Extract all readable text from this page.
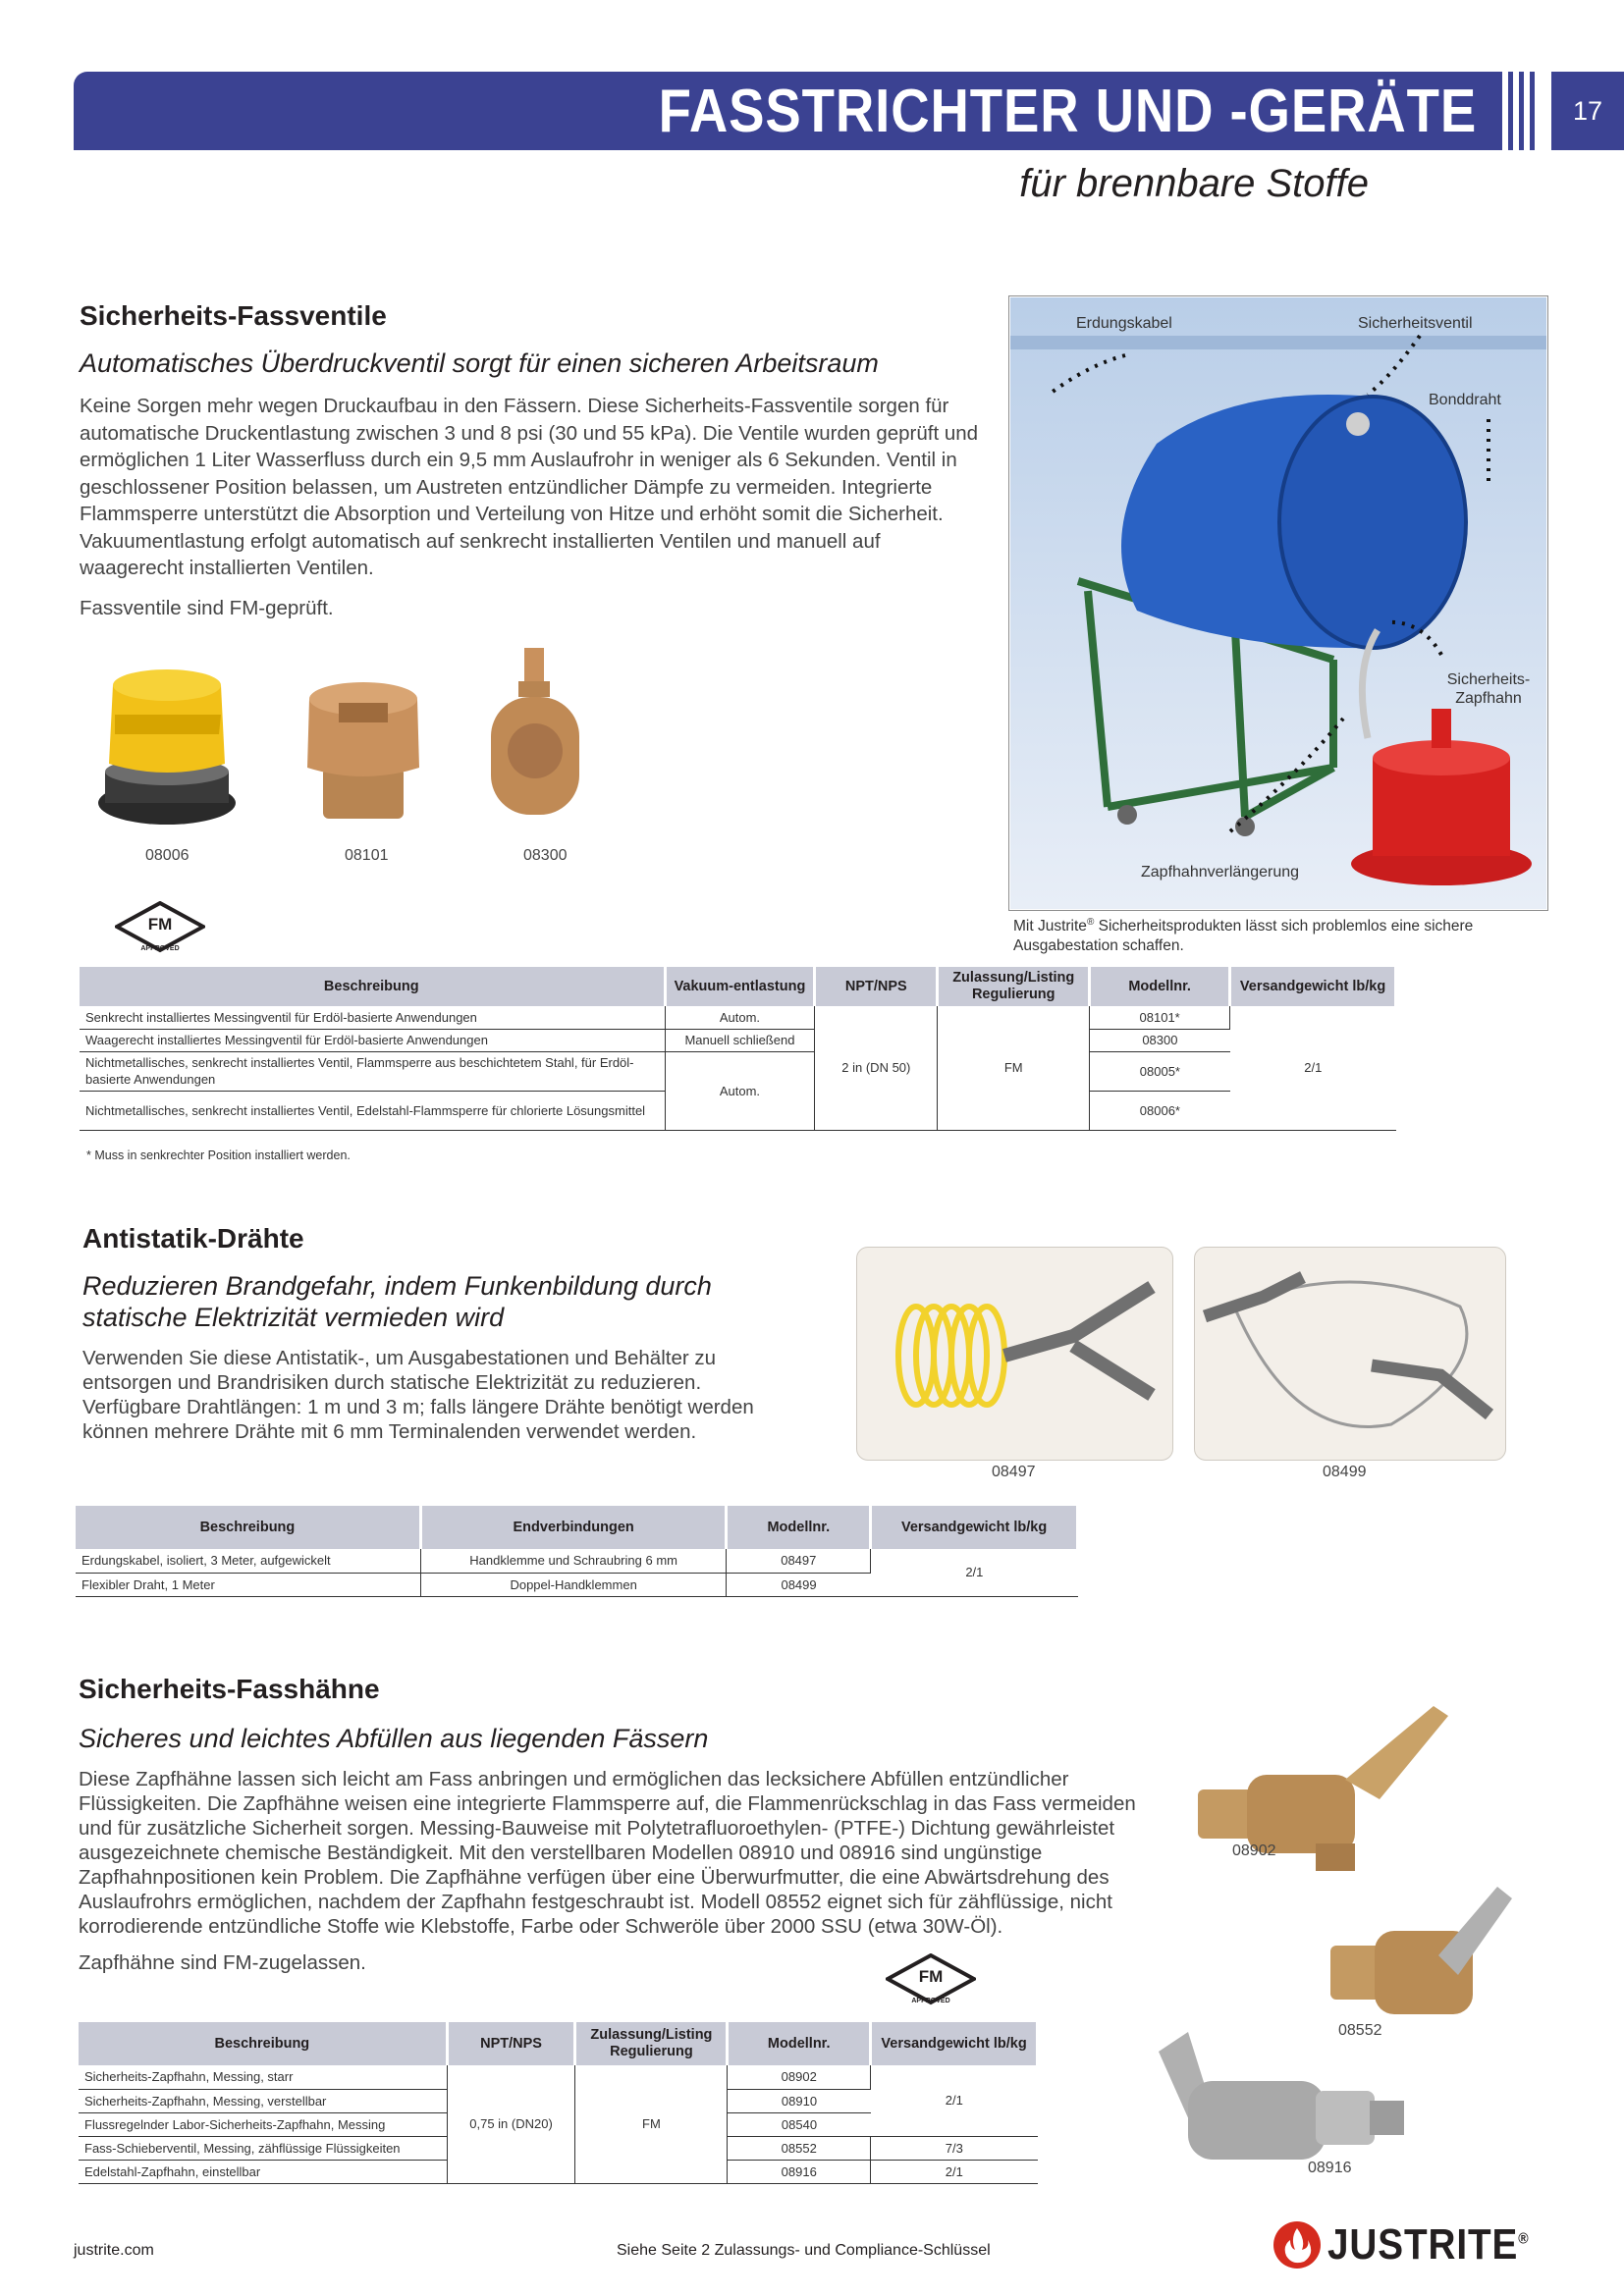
FASSTRICHTER UND -GERÄTE	17
für brennbare Stoffe
Sicherheits-Fassventile
Automatisches Überdruckventil sorgt für einen sicheren Arbeitsraum
Keine Sorgen mehr wegen Druckaufbau in den Fässern. Diese Sicherheits-Fassventile sorgen für automatische Druckentlastung zwischen 3 und 8 psi (30 und 55 kPa). Die Ventile wurden geprüft und ermöglichen 1 Liter Wasserfluss durch ein 9,5 mm Auslaufrohr in weniger als 6 Sekunden. Ventil in geschlossener Position belassen, um Austreten entzündlicher Dämpfe zu vermeiden. Integrierte Flammsperre unterstützt die Absorption und Verteilung von Hitze und erhöht somit die Sicherheit. Vakuumentlastung erfolgt automatisch auf senkrecht installierten Ventilen und manuell auf waagerecht installierten Ventilen.
Fassventile sind FM-geprüft.
08006	08101	08300
FM
APPROVED
Erdungskabel	Sicherheitsventil
Bonddraht
Sicherheits-Zapfhahn
Zapfhahnverlängerung
Mit Justrite® Sicherheitsprodukten lässt sich problemlos eine sichere Ausgabestation schaffen.
Beschreibung	Vakuum-entlastung	NPT/NPS	Zulassung/Listing Regulierung	Modellnr.	Versandgewicht lb/kg
Senkrecht installiertes Messingventil für Erdöl-basierte Anwendungen	Autom.	2 in (DN 50)	FM	08101*	2/1
Waagerecht installiertes Messingventil für Erdöl-basierte Anwendungen	Manuell schließend			08300	
Nichtmetallisches, senkrecht installiertes Ventil, Flammsperre aus beschichtetem Stahl, für Erdöl-basierte Anwendungen	Autom.			08005*	
Nichtmetallisches, senkrecht installiertes Ventil, Edelstahl-Flammsperre für chlorierte Lösungsmittel				08006*	
* Muss in senkrechter Position installiert werden.
Antistatik-Drähte
Reduzieren Brandgefahr, indem Funkenbildung durch statische Elektrizität vermieden wird
Verwenden Sie diese Antistatik-, um Ausgabestationen und Behälter zu entsorgen und Brandrisiken durch statische Elektrizität zu reduzieren. Verfügbare Drahtlängen: 1 m und 3 m; falls längere Drähte benötigt werden können mehrere Drähte mit 6 mm Terminalenden verwendet werden.
08497	08499
Beschreibung	Endverbindungen	Modellnr.	Versandgewicht lb/kg
Erdungskabel, isoliert, 3 Meter, aufgewickelt	Handklemme und Schraubring 6 mm	08497	2/1
Flexibler Draht, 1 Meter	Doppel-Handklemmen	08499	
Sicherheits-Fasshähne
Sicheres und leichtes Abfüllen aus liegenden Fässern
Diese Zapfhähne lassen sich leicht am Fass anbringen und ermöglichen das lecksichere Abfüllen entzündlicher Flüssigkeiten. Die Zapfhähne weisen eine integrierte Flammsperre auf, die Flammenrückschlag in das Fass vermeiden und für zusätzliche Sicherheit sorgen. Messing-Bauweise mit Polytetrafluoroethylen- (PTFE-) Dichtung gewährleistet ausgezeichnete chemische Beständigkeit. Mit den verstellbaren Modellen 08910 und 08916 sind ungünstige Zapfhahnpositionen kein Problem. Die Zapfhähne verfügen über eine Überwurfmutter, die eine Abwärtsdrehung des Auslaufrohrs ermöglichen, nachdem der Zapfhahn festgeschraubt ist. Modell 08552 eignet sich für zähflüssige, nicht korrodierende entzündliche Stoffe wie Klebstoffe, Farbe oder Schweröle über 2000 SSU (etwa 30W-Öl).
Zapfhähne sind FM-zugelassen.
FM
APPROVED
08902
08552
08916
Beschreibung	NPT/NPS	Zulassung/Listing Regulierung	Modellnr.	Versandgewicht lb/kg
Sicherheits-Zapfhahn, Messing, starr	0,75 in (DN20)	FM	08902	2/1
Sicherheits-Zapfhahn, Messing, verstellbar			08910	
Flussregelnder Labor-Sicherheits-Zapfhahn, Messing			08540	
Fass-Schieberventil, Messing, zähflüssige Flüssigkeiten			08552	7/3
Edelstahl-Zapfhahn, einstellbar			08916	2/1
justrite.com	Siehe Seite 2 Zulassungs- und Compliance-Schlüssel	JUSTRITE®
